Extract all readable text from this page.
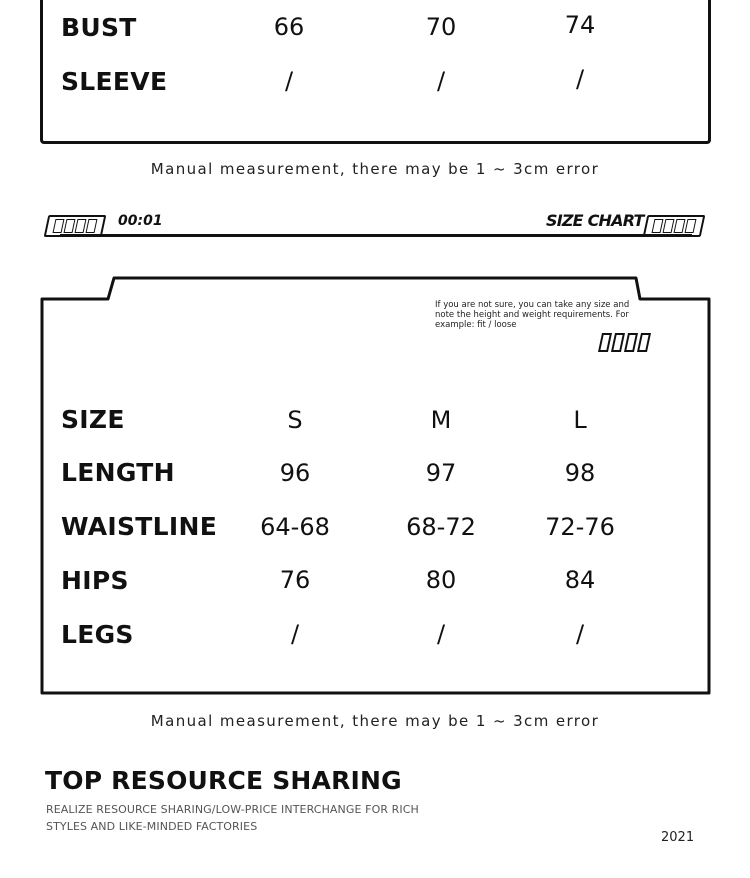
BUST	66	70	74
SLEEVE	/	/	/
Manual measurement, there may be 1 ~ 3cm error
00:01	SIZE CHART
If you are not sure, you can take any size and note the height and weight requirements. For example: fit / loose
SIZE	S	M	L
LENGTH	96	97	98
WAISTLINE	64-68	68-72	72-76
HIPS	76	80	84
LEGS	/	/	/
Manual measurement, there may be 1 ~ 3cm error
TOP RESOURCE SHARING
REALIZE RESOURCE SHARING/LOW-PRICE INTERCHANGE FOR RICH STYLES AND LIKE-MINDED FACTORIES
2021
